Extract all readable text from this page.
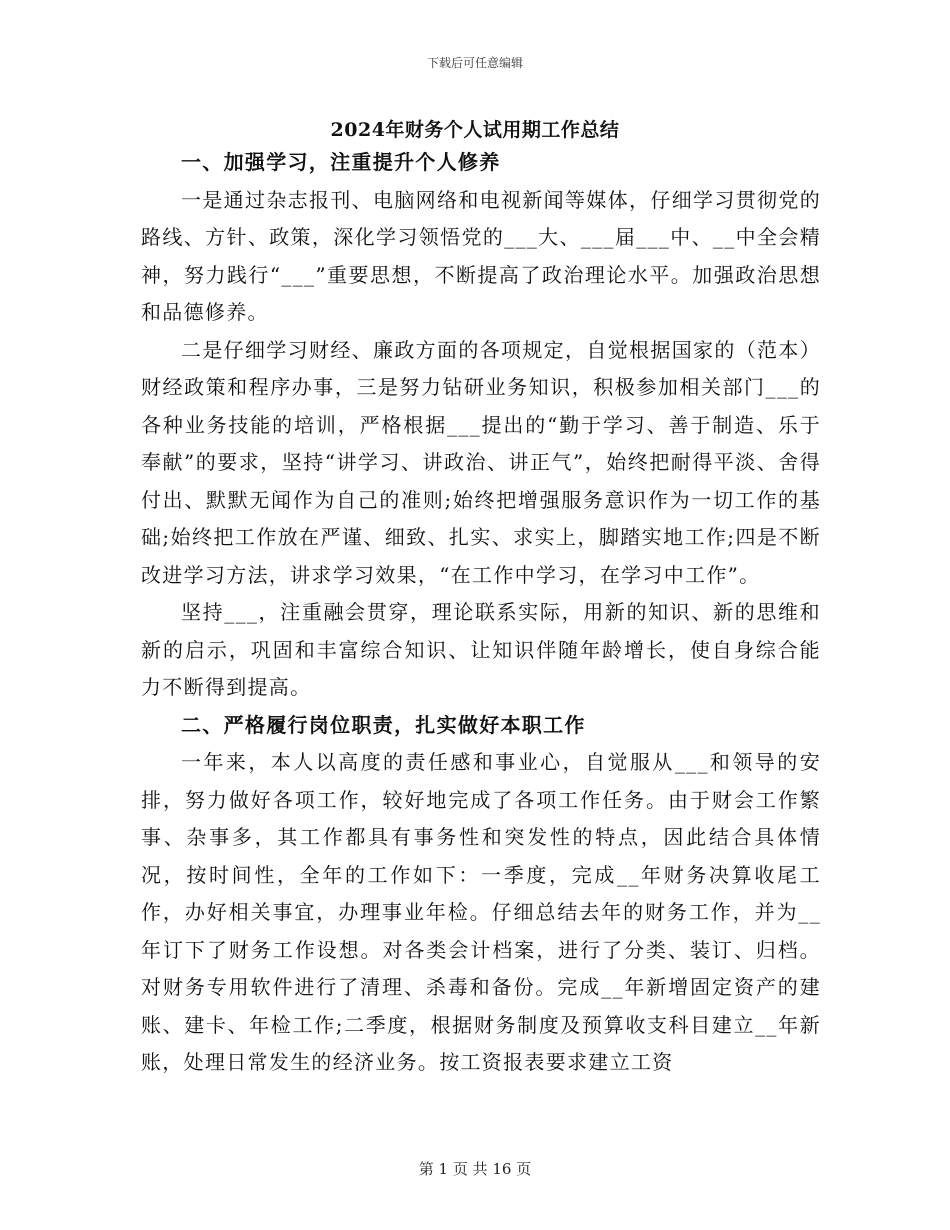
下载后可任意编辑
2024年财务个人试用期工作总结
一、加强学习，注重提升个人修养

一是通过杂志报刊、电脑网络和电视新闻等媒体，仔细学习贯彻党的路线、方针、政策，深化学习领悟党的___大、___届___中、__中全会精神，努力践行“___”重要思想，不断提高了政治理论水平。加强政治思想和品德修养。

二是仔细学习财经、廉政方面的各项规定，自觉根据国家的（范本）财经政策和程序办事，三是努力钻研业务知识，积极参加相关部门___的各种业务技能的培训，严格根据___提出的“勤于学习、善于制造、乐于奉献”的要求，坚持“讲学习、讲政治、讲正气”，始终把耐得平淡、舍得付出、默默无闻作为自己的准则;始终把增强服务意识作为一切工作的基础;始终把工作放在严谨、细致、扎实、求实上，脚踏实地工作;四是不断改进学习方法，讲求学习效果，“在工作中学习，在学习中工作”。

坚持___，注重融会贯穿，理论联系实际，用新的知识、新的思维和新的启示，巩固和丰富综合知识、让知识伴随年龄增长，使自身综合能力不断得到提高。

二、严格履行岗位职责，扎实做好本职工作

一年来，本人以高度的责任感和事业心，自觉服从___和领导的安排，努力做好各项工作，较好地完成了各项工作任务。由于财会工作繁事、杂事多，其工作都具有事务性和突发性的特点，因此结合具体情况，按时间性，全年的工作如下：一季度，完成__年财务决算收尾工作，办好相关事宜，办理事业年检。仔细总结去年的财务工作，并为__年订下了财务工作设想。对各类会计档案，进行了分类、装订、归档。对财务专用软件进行了清理、杀毒和备份。完成__年新增固定资产的建账、建卡、年检工作;二季度，根据财务制度及预算收支科目建立__年新账，处理日常发生的经济业务。按工资报表要求建立工资

第 1 页 共 16 页
